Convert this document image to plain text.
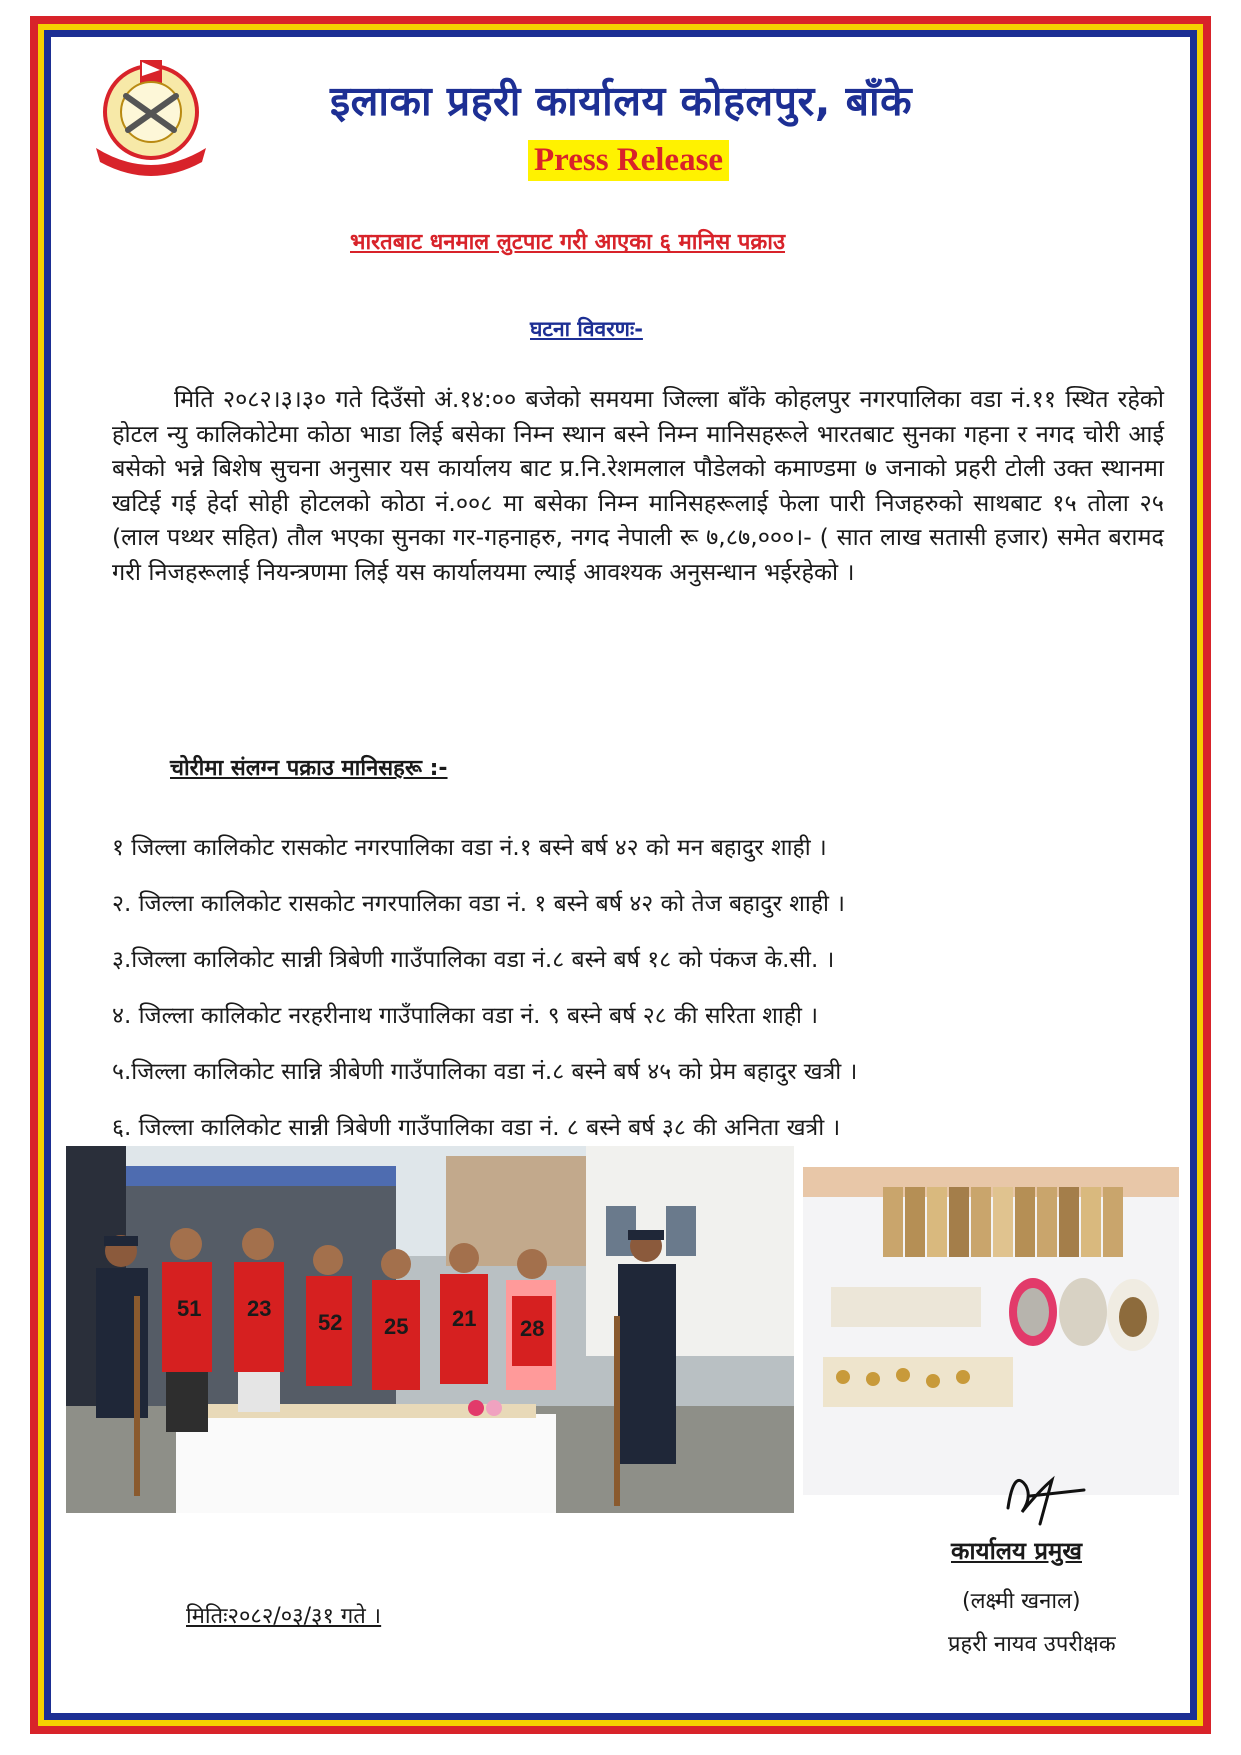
इलाका प्रहरी कार्यालय कोहलपुर, बाँके
Press Release
भारतबाट धनमाल लुटपाट गरी आएका ६ मानिस पक्राउ
घटना विवरणः-
मिति २०८२।३।३० गते दिउँसो अं.१४:०० बजेको समयमा जिल्ला बाँके कोहलपुर नगरपालिका वडा नं.११ स्थित रहेको होटल न्यु कालिकोटेमा कोठा भाडा लिई बसेका निम्न स्थान बस्ने निम्न मानिसहरूले भारतबाट सुनका गहना र नगद चोरी आई बसेको भन्ने बिशेष सुचना अनुसार यस कार्यालय बाट प्र.नि.रेशमलाल पौडेलको कमाण्डमा ७ जनाको प्रहरी टोली उक्त स्थानमा खटिई गई हेर्दा सोही होटलको कोठा नं.००८ मा बसेका निम्न मानिसहरूलाई फेला पारी निजहरुको साथबाट १५ तोला २५ (लाल पथ्थर सहित) तौल भएका सुनका गर-गहनाहरु, नगद नेपाली रू ७,८७,०००।- ( सात लाख सतासी हजार) समेत बरामद गरी निजहरूलाई नियन्त्रणमा लिई यस कार्यालयमा ल्याई आवश्यक अनुसन्धान भईरहेको ।
चोरीमा संलग्न पक्राउ मानिसहरू :-
१ जिल्ला कालिकोट रासकोट नगरपालिका वडा नं.१ बस्ने बर्ष ४२ को मन बहादुर शाही ।
२. जिल्ला कालिकोट रासकोट नगरपालिका वडा नं. १ बस्ने बर्ष ४२ को तेज बहादुर शाही ।
३.जिल्ला कालिकोट सान्नी त्रिबेणी गाउँपालिका वडा नं.८ बस्ने बर्ष १८ को पंकज के.सी. ।
४. जिल्ला कालिकोट नरहरीनाथ गाउँपालिका वडा नं. ९ बस्ने बर्ष २८ की सरिता शाही ।
५.जिल्ला कालिकोट सान्नि त्रीबेणी गाउँपालिका वडा नं.८ बस्ने बर्ष ४५ को प्रेम बहादुर खत्री ।
६. जिल्ला कालिकोट सान्नी त्रिबेणी गाउँपालिका वडा नं. ८ बस्ने बर्ष ३८ की अनिता खत्री ।
51 23
52 25 21 28
कार्यालय प्रमुख
(लक्ष्मी खनाल)
प्रहरी नायव उपरीक्षक
मितिः२०८२/०३/३१ गते ।
